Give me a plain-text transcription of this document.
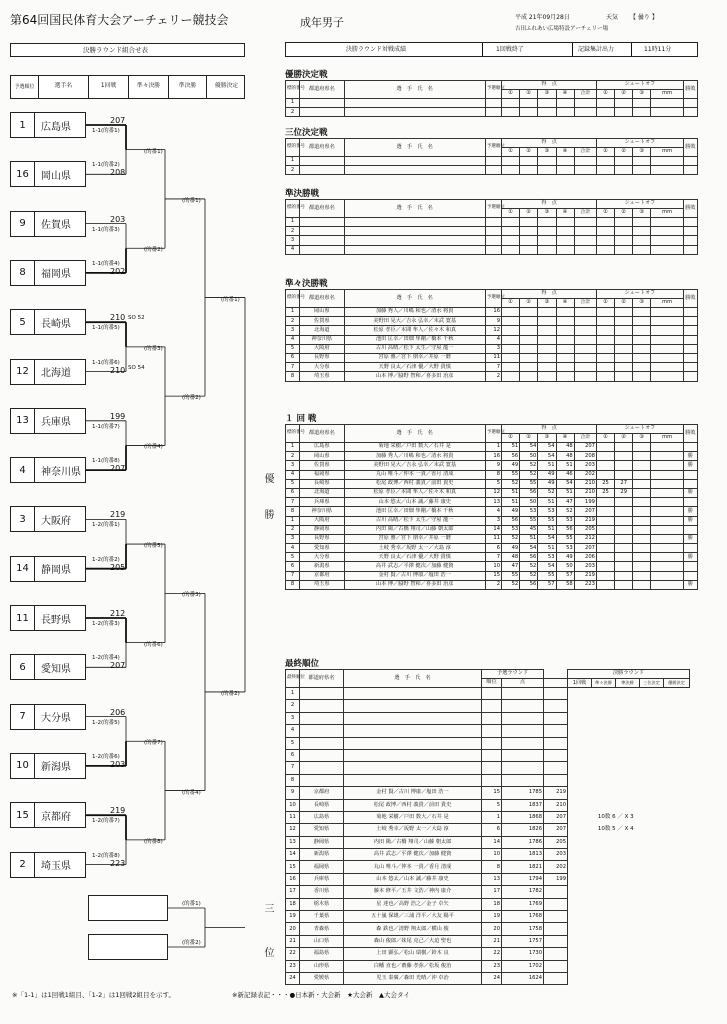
第64回国民体育大会アーチェリー競技会	成年男子	平成 21年09月28日	天気 【 曇り 】
吉田ふれあい広場特設アーチェリー場
決勝ラウンド対戦成績	1回戦終了	記録集計出力	11時11分
決勝ラウンド組合せ表
予選順位	選手名	1回戦	準々決勝	準決勝	優勝決定
1	広島県
207
1-1(的番1)
16	岡山県	208
1-1(的番2)
9	佐賀県
203
1-1(的番3)
8	福岡県	202
1-1(的番4)
5	長崎県
210 SO 52
1-1(的番5)
12	北海道	210 SO 54
1-1(的番6)
13	兵庫県
199
1-1(的番7)
4	神奈川県	207
1-1(的番8)
3	大阪府
219
1-2(的番1)
14	静岡県	205
1-2(的番2)
11	長野県
212
1-2(的番3)
6	愛知県	207
1-2(的番4)
7	大分県
206
1-2(的番5)
10	新潟県	203
1-2(的番6)
15	京都府
219
1-2(的番7)
2	埼玉県	223
1-2(的番8)
(的番1)
(的番2)
(的番3)
(的番4)
(的番5)
(的番6)
(的番7)
(的番8)
(的番1)
(的番2)
(的番3)
(的番4)
(的番1)
(的番2)
優　勝
(的番1)
(的番2)	三　位
優勝決定戦
標的番号	都道府県名	選　手　氏　名	予選順位	得　点					シュートオフ				勝敗
				①	②	③	④	合計	①	②	③	mm	
1													
2													
三位決定戦
標的番号	都道府県名	選　手　氏　名	予選順位	得　点					シュートオフ				勝敗
				①	②	③	④	合計	①	②	③	mm	
1													
2													
準決勝戦
標的番号	都道府県名	選　手　氏　名	予選順位	得　点					シュートオフ				勝敗
				①	②	③	④	合計	①	②	③	mm	
1													
2													
3													
4													
準々決勝戦
標的番号	都道府県名	選　手　氏　名	予選順位	得　点					シュートオフ				勝敗
				①	②	③	④	合計	①	②	③	mm	
1	岡山県	加藤 秀人／川嶋 和也／清水 将貴	16										
2	佐賀県	美野田 晃大／吉永 弘幸／末武 寛基	9										
3	北海道	松原 孝臣／本間 隼人／佐々木 和真	12										
4	神奈川県	池田 匡幸／田畑 隼剛／橋本 千秋	4										
5	大阪府	古川 高晴／松下 太生／守屋 龍一	3										
6	長野県	宮原 雅／宮下 朋幸／井原 一磨	11										
7	大分県	天野 良太／石津 優／大野 貴慎	7										
8	埼玉県	山本 博／脇野 智和／喜多田 治彦	2										
１ 回 戦
標的番号	都道府県名	選　手　氏　名	予選順位	得　点					シュートオフ				勝敗
				①	②	③	④	合計	①	②	③	mm	
1	広島県	菊地 栄樹／戸田 数大／石井 是	1	51	54	54	48	207					
2	岡山県	加藤 秀人／川嶋 和也／清水 将貴	16	56	50	54	48	208					勝
3	佐賀県	美野田 晃大／吉永 弘幸／末武 寛基	9	49	52	51	51	203					勝
4	福岡県	丸山 唯斗／仲本 一貴／香月 清成	8	55	52	49	46	202					
5	長崎県	松尾 政博／西村 義貴／前田 貴史	5	52	55	49	54	210	25	27			
6	北海道	松原 孝臣／本間 隼人／佐々木 和真	12	51	56	52	51	210	25	29			勝
7	兵庫県	山本 悠太／山本 誠／藤井 康史	13	51	50	51	47	199					
8	神奈川県	池田 匡幸／田畑 隼剛／橋本 千秋	4	49	53	53	52	207					勝
1	大阪府	古川 高晴／松下 太生／守屋 龍一	3	56	55	55	53	219					勝
2	静岡県	内田 陽／古橋 翔司／山藤 朝太郎	14	53	45	51	56	205					
3	長野県	宮原 雅／宮下 朋幸／井原 一磨	11	52	51	54	55	212					勝
4	愛知県	土岐 秀幸／坂野 太一／大島 淳	6	49	54	51	53	207					
5	大分県	天野 良太／石津 優／大野 貴慎	7	48	56	53	49	206					勝
6	新潟県	高井 武志／平澤 健次／加藤 健資	10	47	52	54	50	203					
7	京都府	金村 賢／古川 博康／塩田 浩一	15	55	52	55	57	219					
8	埼玉県	山本 博／脇野 智和／喜多田 治彦	2	52	56	57	58	223					勝
最終順位
最終順位	都道府県名	選　手　氏　名	予選ラウンド			決勝ラウンド				
			順位	点		1回戦	準々決勝	準決勝	三位決定	優勝決定
1										
2										
3										
4										
5										
6										
7										
8										
9	京都府	金村 賢／古川 博康／塩田 浩一	15	1785	219					
10	長崎県	松尾 政博／西村 義貴／前田 貴史	5	1837	210					
11	広島県	菊地 栄樹／戸田 数大／石井 是	1	1868	207	10数 6 ／ X 3				
12	愛知県	土岐 秀幸／坂野 太一／大島 淳	6	1826	207	10数 5 ／ X 4				
13	静岡県	内田 陽／古橋 翔司／山藤 朝太郎	14	1786	205					
14	新潟県	高井 武志／平澤 健次／加藤 健資	10	1813	203					
15	福岡県	丸山 唯斗／仲本 一貴／香月 清成	8	1821	202					
16	兵庫県	山本 悠太／山本 誠／藤井 康史	13	1794	199					
17	香川県	藤本 修平／玉井 文浩／神内 康介	17	1782						
18	栃木県	星 達也／高野 浩之／金子 卓矢	18	1769						
19	千葉県	五十嵐 保雄／三浦 洋平／大友 陽平	19	1768						
20	青森県	森 鉄也／清野 翔太郎／横山 俊	20	1758						
21	山口県	森山 俊郎／妹尾 克己／大迫 聖也	21	1757						
22	福島県	上田 顕弘／松山 瑞樹／鈴木 良	22	1730						
23	山形県	白幡 直也／齋藤 孝弥／松坂 俊治	23	1702						
24	愛媛県	児玉 泰廣／森田 光晴／沖 卓治	24	1624						
※「1-1」は1回戦1組目、「1-2」は1回戦2組目を示す。	※新記録表記・・・●日本新・大会新　★大会新　▲大会タイ
